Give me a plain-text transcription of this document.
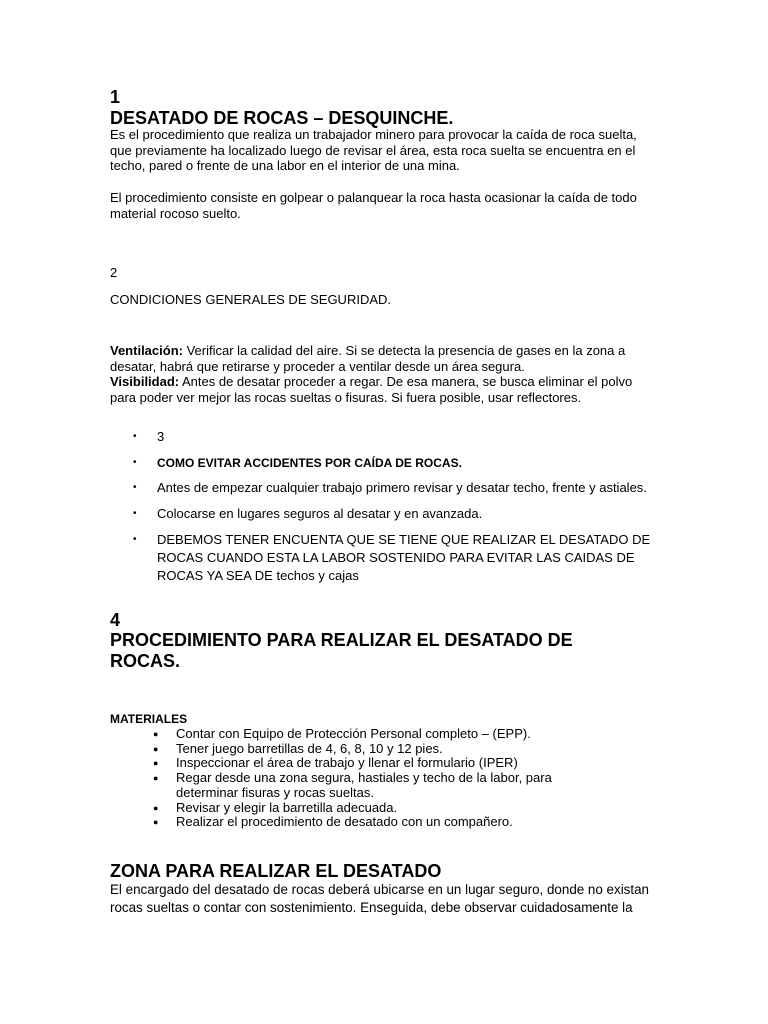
1
DESATADO DE ROCAS – DESQUINCHE.

Es el procedimiento que realiza un trabajador minero para provocar la caída de roca suelta, que previamente ha localizado luego de revisar el área, esta roca suelta se encuentra en el techo, pared o frente de una labor en el interior de una mina.

El procedimiento consiste en golpear o palanquear la roca hasta ocasionar la caída de todo material rocoso suelto.

2
CONDICIONES GENERALES DE SEGURIDAD.

Ventilación: Verificar la calidad del aire. Si se detecta la presencia de gases en la zona a desatar, habrá que retirarse y proceder a ventilar desde un área segura.

Visibilidad: Antes de desatar proceder a regar. De esa manera, se busca eliminar el polvo para poder ver mejor las rocas sueltas o fisuras. Si fuera posible, usar reflectores.

• 3
• COMO EVITAR ACCIDENTES POR CAÍDA DE ROCAS.
• Antes de empezar cualquier trabajo primero revisar y desatar techo, frente y astiales.
• Colocarse en lugares seguros al desatar y en avanzada.
• DEBEMOS TENER ENCUENTA QUE SE TIENE QUE REALIZAR EL DESATADO DE ROCAS CUANDO ESTA LA LABOR SOSTENIDO PARA EVITAR LAS CAIDAS DE ROCAS YA SEA DE techos y cajas
4
PROCEDIMIENTO PARA REALIZAR EL DESATADO DE ROCAS.
MATERIALES
● Contar con Equipo de Protección Personal completo – (EPP).
● Tener juego barretillas de 4, 6, 8, 10 y 12 pies.
● Inspeccionar el área de trabajo y llenar el formulario (IPER)
● Regar desde una zona segura, hastiales y techo de la labor, para determinar fisuras y rocas sueltas.
● Revisar y elegir la barretilla adecuada.
● Realizar el procedimiento de desatado con un compañero.
ZONA PARA REALIZAR EL DESATADO

El encargado del desatado de rocas deberá ubicarse en un lugar seguro, donde no existan rocas sueltas o contar con sostenimiento. Enseguida, debe observar cuidadosamente la
